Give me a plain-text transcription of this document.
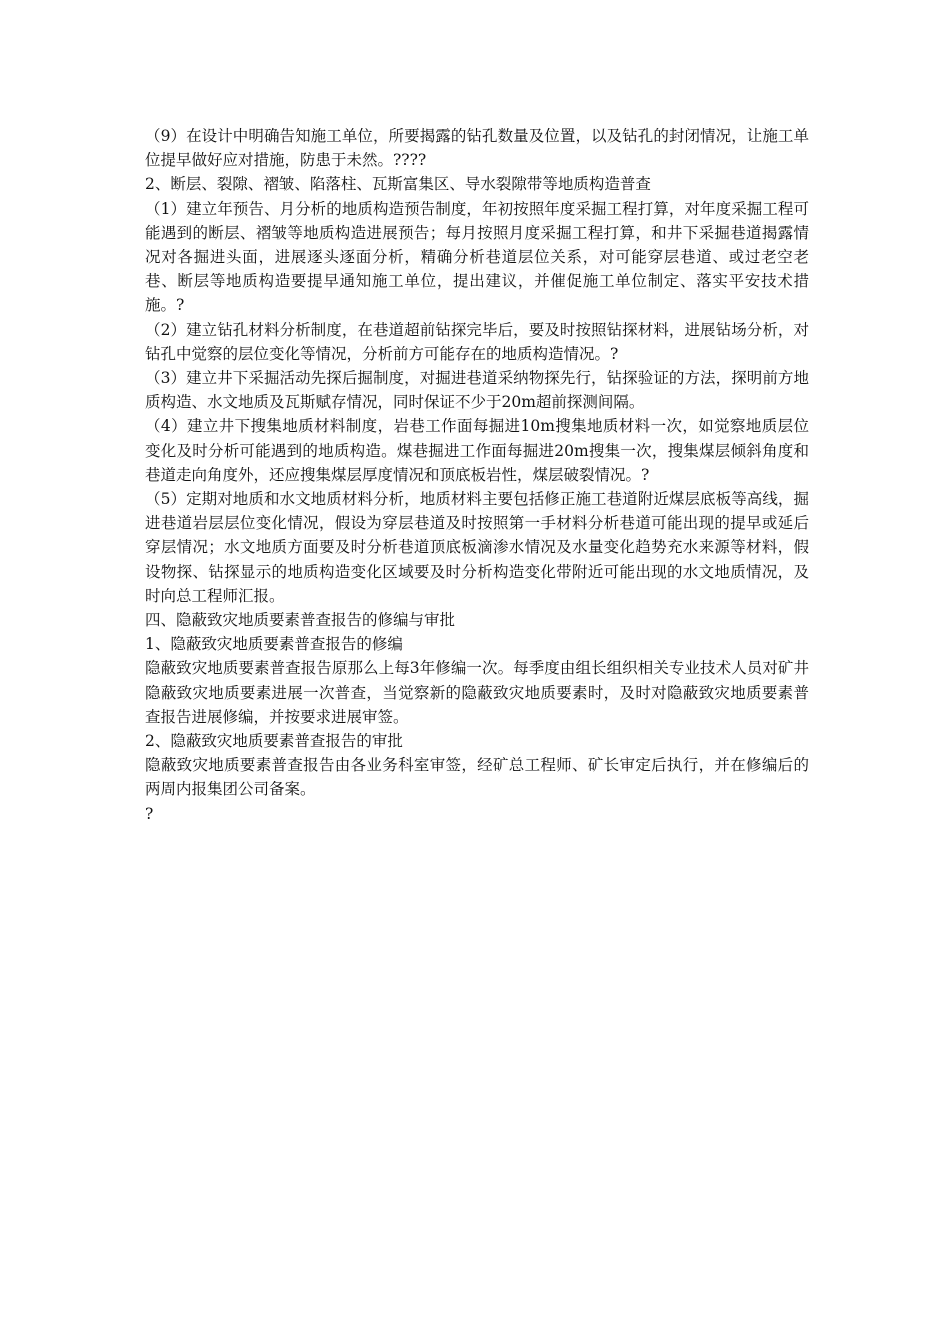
（9）在设计中明确告知施工单位，所要揭露的钻孔数量及位置，以及钻孔的封闭情况，让施工单位提早做好应对措施，防患于未然。????

2、断层、裂隙、褶皱、陷落柱、瓦斯富集区、导水裂隙带等地质构造普查

（1）建立年预告、月分析的地质构造预告制度，年初按照年度采掘工程打算，对年度采掘工程可能遇到的断层、褶皱等地质构造进展预告；每月按照月度采掘工程打算，和井下采掘巷道揭露情况对各掘进头面，进展逐头逐面分析，精确分析巷道层位关系，对可能穿层巷道、或过老空老巷、断层等地质构造要提早通知施工单位，提出建议，并催促施工单位制定、落实平安技术措施。?

（2）建立钻孔材料分析制度，在巷道超前钻探完毕后，要及时按照钻探材料，进展钻场分析，对钻孔中觉察的层位变化等情况，分析前方可能存在的地质构造情况。?

（3）建立井下采掘活动先探后掘制度，对掘进巷道采纳物探先行，钻探验证的方法，探明前方地质构造、水文地质及瓦斯赋存情况，同时保证不少于20m超前探测间隔。

（4）建立井下搜集地质材料制度，岩巷工作面每掘进10m搜集地质材料一次，如觉察地质层位变化及时分析可能遇到的地质构造。煤巷掘进工作面每掘进20m搜集一次，搜集煤层倾斜角度和巷道走向角度外，还应搜集煤层厚度情况和顶底板岩性，煤层破裂情况。?

（5）定期对地质和水文地质材料分析，地质材料主要包括修正施工巷道附近煤层底板等高线，掘进巷道岩层层位变化情况，假设为穿层巷道及时按照第一手材料分析巷道可能出现的提早或延后穿层情况；水文地质方面要及时分析巷道顶底板滴渗水情况及水量变化趋势充水来源等材料，假设物探、钻探显示的地质构造变化区域要及时分析构造变化带附近可能出现的水文地质情况，及时向总工程师汇报。

四、隐蔽致灾地质要素普查报告的修编与审批

1、隐蔽致灾地质要素普查报告的修编

隐蔽致灾地质要素普查报告原那么上每3年修编一次。每季度由组长组织相关专业技术人员对矿井隐蔽致灾地质要素进展一次普查，当觉察新的隐蔽致灾地质要素时，及时对隐蔽致灾地质要素普查报告进展修编，并按要求进展审签。

2、隐蔽致灾地质要素普查报告的审批

隐蔽致灾地质要素普查报告由各业务科室审签，经矿总工程师、矿长审定后执行，并在修编后的两周内报集团公司备案。

?
